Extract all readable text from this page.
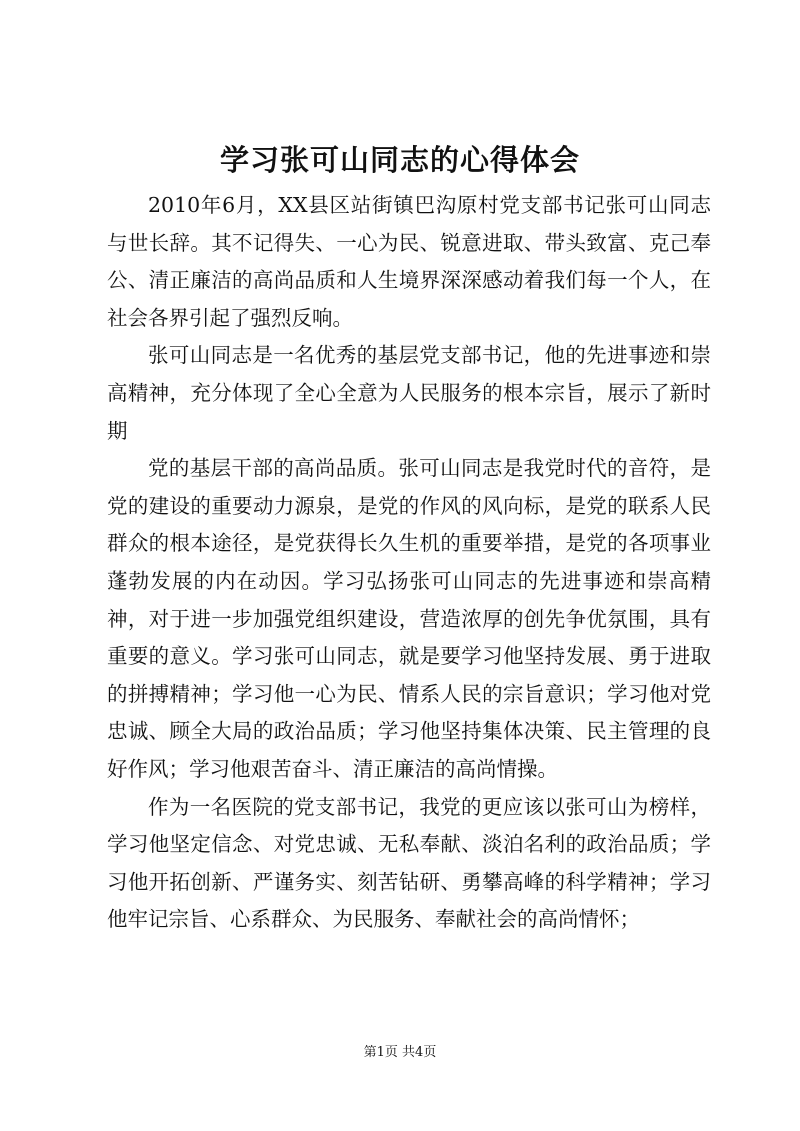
学习张可山同志的心得体会

2010年6月，XX县区站街镇巴沟原村党支部书记张可山同志与世长辞。其不记得失、一心为民、锐意进取、带头致富、克己奉公、清正廉洁的高尚品质和人生境界深深感动着我们每一个人，在社会各界引起了强烈反响。

张可山同志是一名优秀的基层党支部书记，他的先进事迹和崇高精神，充分体现了全心全意为人民服务的根本宗旨，展示了新时期

党的基层干部的高尚品质。张可山同志是我党时代的音符，是党的建设的重要动力源泉，是党的作风的风向标，是党的联系人民群众的根本途径，是党获得长久生机的重要举措，是党的各项事业蓬勃发展的内在动因。学习弘扬张可山同志的先进事迹和崇高精神，对于进一步加强党组织建设，营造浓厚的创先争优氛围，具有重要的意义。学习张可山同志，就是要学习他坚持发展、勇于进取的拼搏精神；学习他一心为民、情系人民的宗旨意识；学习他对党忠诚、顾全大局的政治品质；学习他坚持集体决策、民主管理的良好作风；学习他艰苦奋斗、清正廉洁的高尚情操。

作为一名医院的党支部书记，我党的更应该以张可山为榜样，学习他坚定信念、对党忠诚、无私奉献、淡泊名利的政治品质；学习他开拓创新、严谨务实、刻苦钻研、勇攀高峰的科学精神；学习他牢记宗旨、心系群众、为民服务、奉献社会的高尚情怀；

第1页 共4页
